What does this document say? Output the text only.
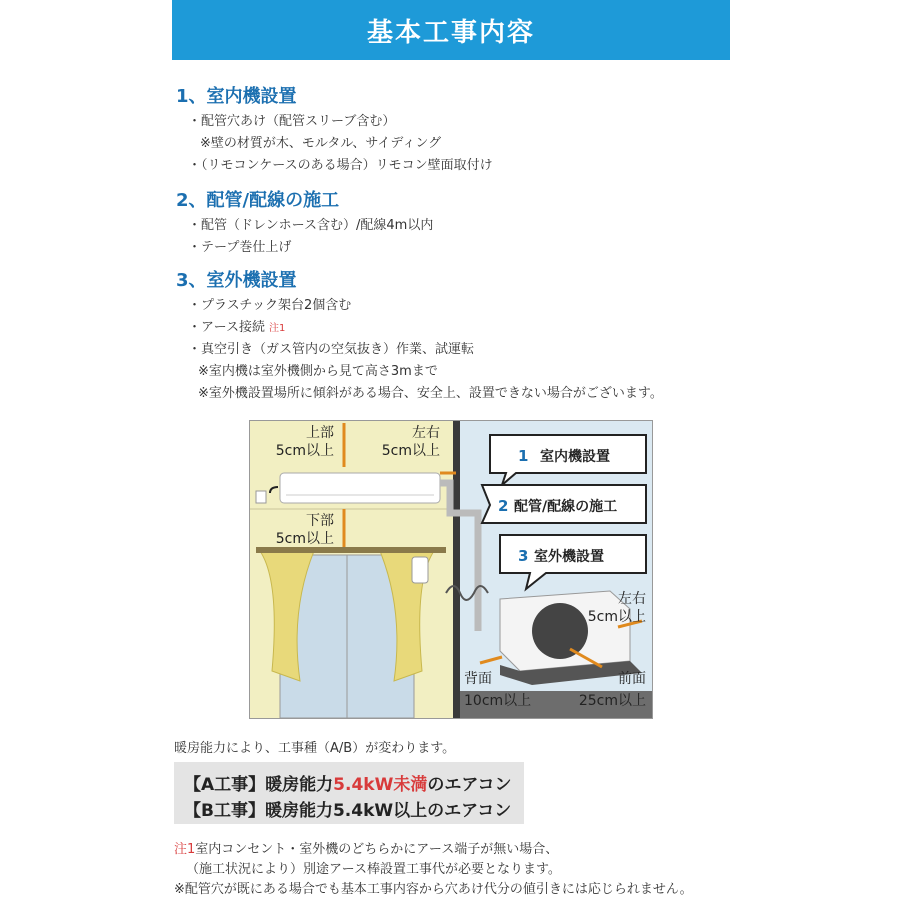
基本工事内容
1、室内機設置
・配管穴あけ（配管スリーブ含む）
※壁の材質が木、モルタル、サイディング
・（リモコンケースのある場合）リモコン壁面取付け
2、配管/配線の施工
・配管（ドレンホース含む）/配線4m以内
・テープ巻仕上げ
3、室外機設置
・プラスチック架台2個含む
・アース接続 注1
・真空引き（ガス管内の空気抜き）作業、試運転
※室内機は室外機側から見て高さ3mまで
※室外機設置場所に傾斜がある場合、安全上、設置できない場合がございます。
上部
5cm以上
左右
5cm以上
下部
5cm以上
1 室内機設置
2 配管/配線の施工
3 室外機設置
左右
5cm以上
背面
10cm以上
前面
25cm以上
暖房能力により、工事種（A/B）が変わります。
【A工事】暖房能力5.4kW未満のエアコン
【B工事】暖房能力5.4kW以上のエアコン
注1室内コンセント・室外機のどちらかにアース端子が無い場合、
（施工状況により）別途アース棒設置工事代が必要となります。
※配管穴が既にある場合でも基本工事内容から穴あけ代分の値引きには応じられません。
